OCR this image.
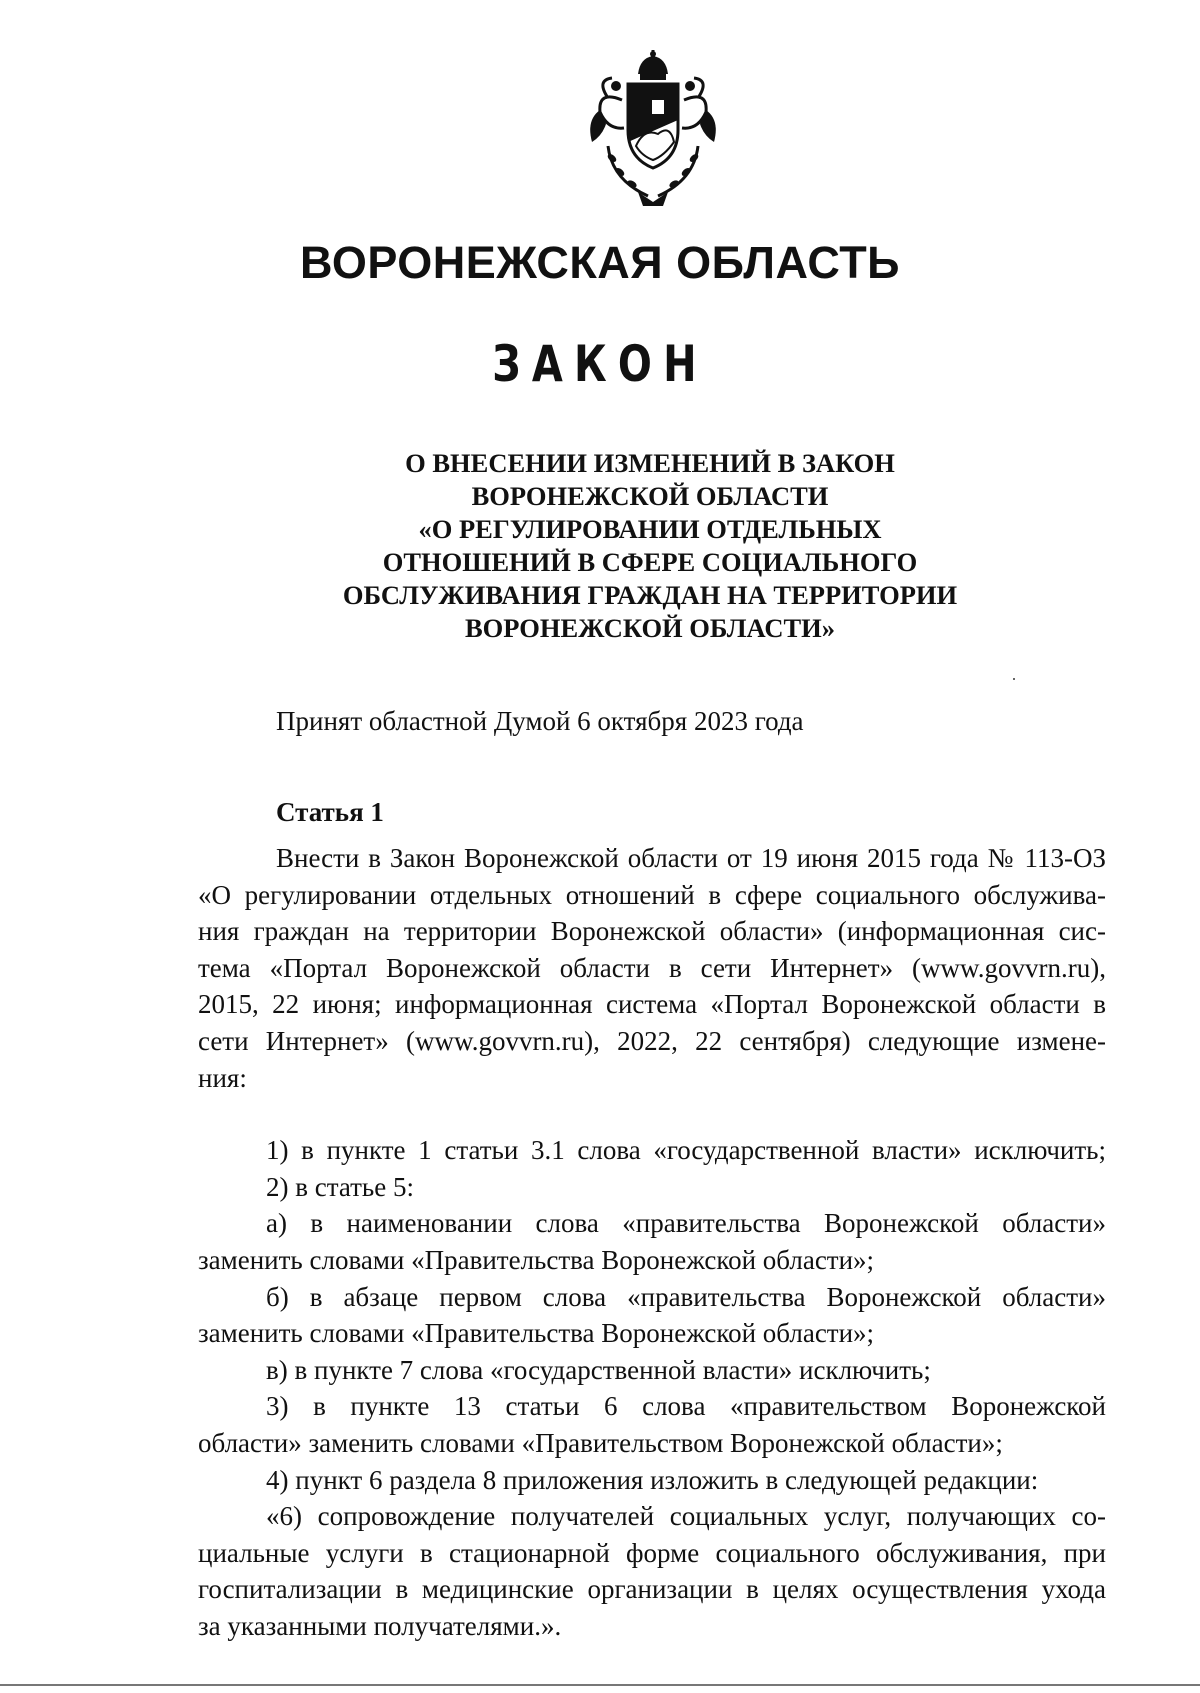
ВОРОНЕЖСКАЯ ОБЛАСТЬ
ЗАКОН
О ВНЕСЕНИИ ИЗМЕНЕНИЙ В ЗАКОН
ВОРОНЕЖСКОЙ ОБЛАСТИ
«О РЕГУЛИРОВАНИИ ОТДЕЛЬНЫХ
ОТНОШЕНИЙ В СФЕРЕ СОЦИАЛЬНОГО
ОБСЛУЖИВАНИЯ ГРАЖДАН НА ТЕРРИТОРИИ
ВОРОНЕЖСКОЙ ОБЛАСТИ»

Принят областной Думой 6 октября 2023 года

Статья 1

Внести в Закон Воронежской области от 19 июня 2015 года № 113-ОЗ
«О регулировании отдельных отношений в сфере социального обслужива-
ния граждан на территории Воронежской области» (информационная сис-
тема «Портал Воронежской области в сети Интернет» (www.govvrn.ru),
2015, 22 июня; информационная система «Портал Воронежской области в
сети Интернет» (www.govvrn.ru), 2022, 22 сентября) следующие измене-
ния:

1) в пункте 1 статьи 3.1 слова «государственной власти» исключить;

2) в статье 5:

а) в наименовании слова «правительства Воронежской области»
заменить словами «Правительства Воронежской области»;

б) в абзаце первом слова «правительства Воронежской области»
заменить словами «Правительства Воронежской области»;

в) в пункте 7 слова «государственной власти» исключить;

3) в пункте 13 статьи 6 слова «правительством Воронежской
области» заменить словами «Правительством Воронежской области»;

4) пункт 6 раздела 8 приложения изложить в следующей редакции:

«6) сопровождение получателей социальных услуг, получающих со-
циальные услуги в стационарной форме социального обслуживания, при
госпитализации в медицинские организации в целях осуществления ухода
за указанными получателями.».
